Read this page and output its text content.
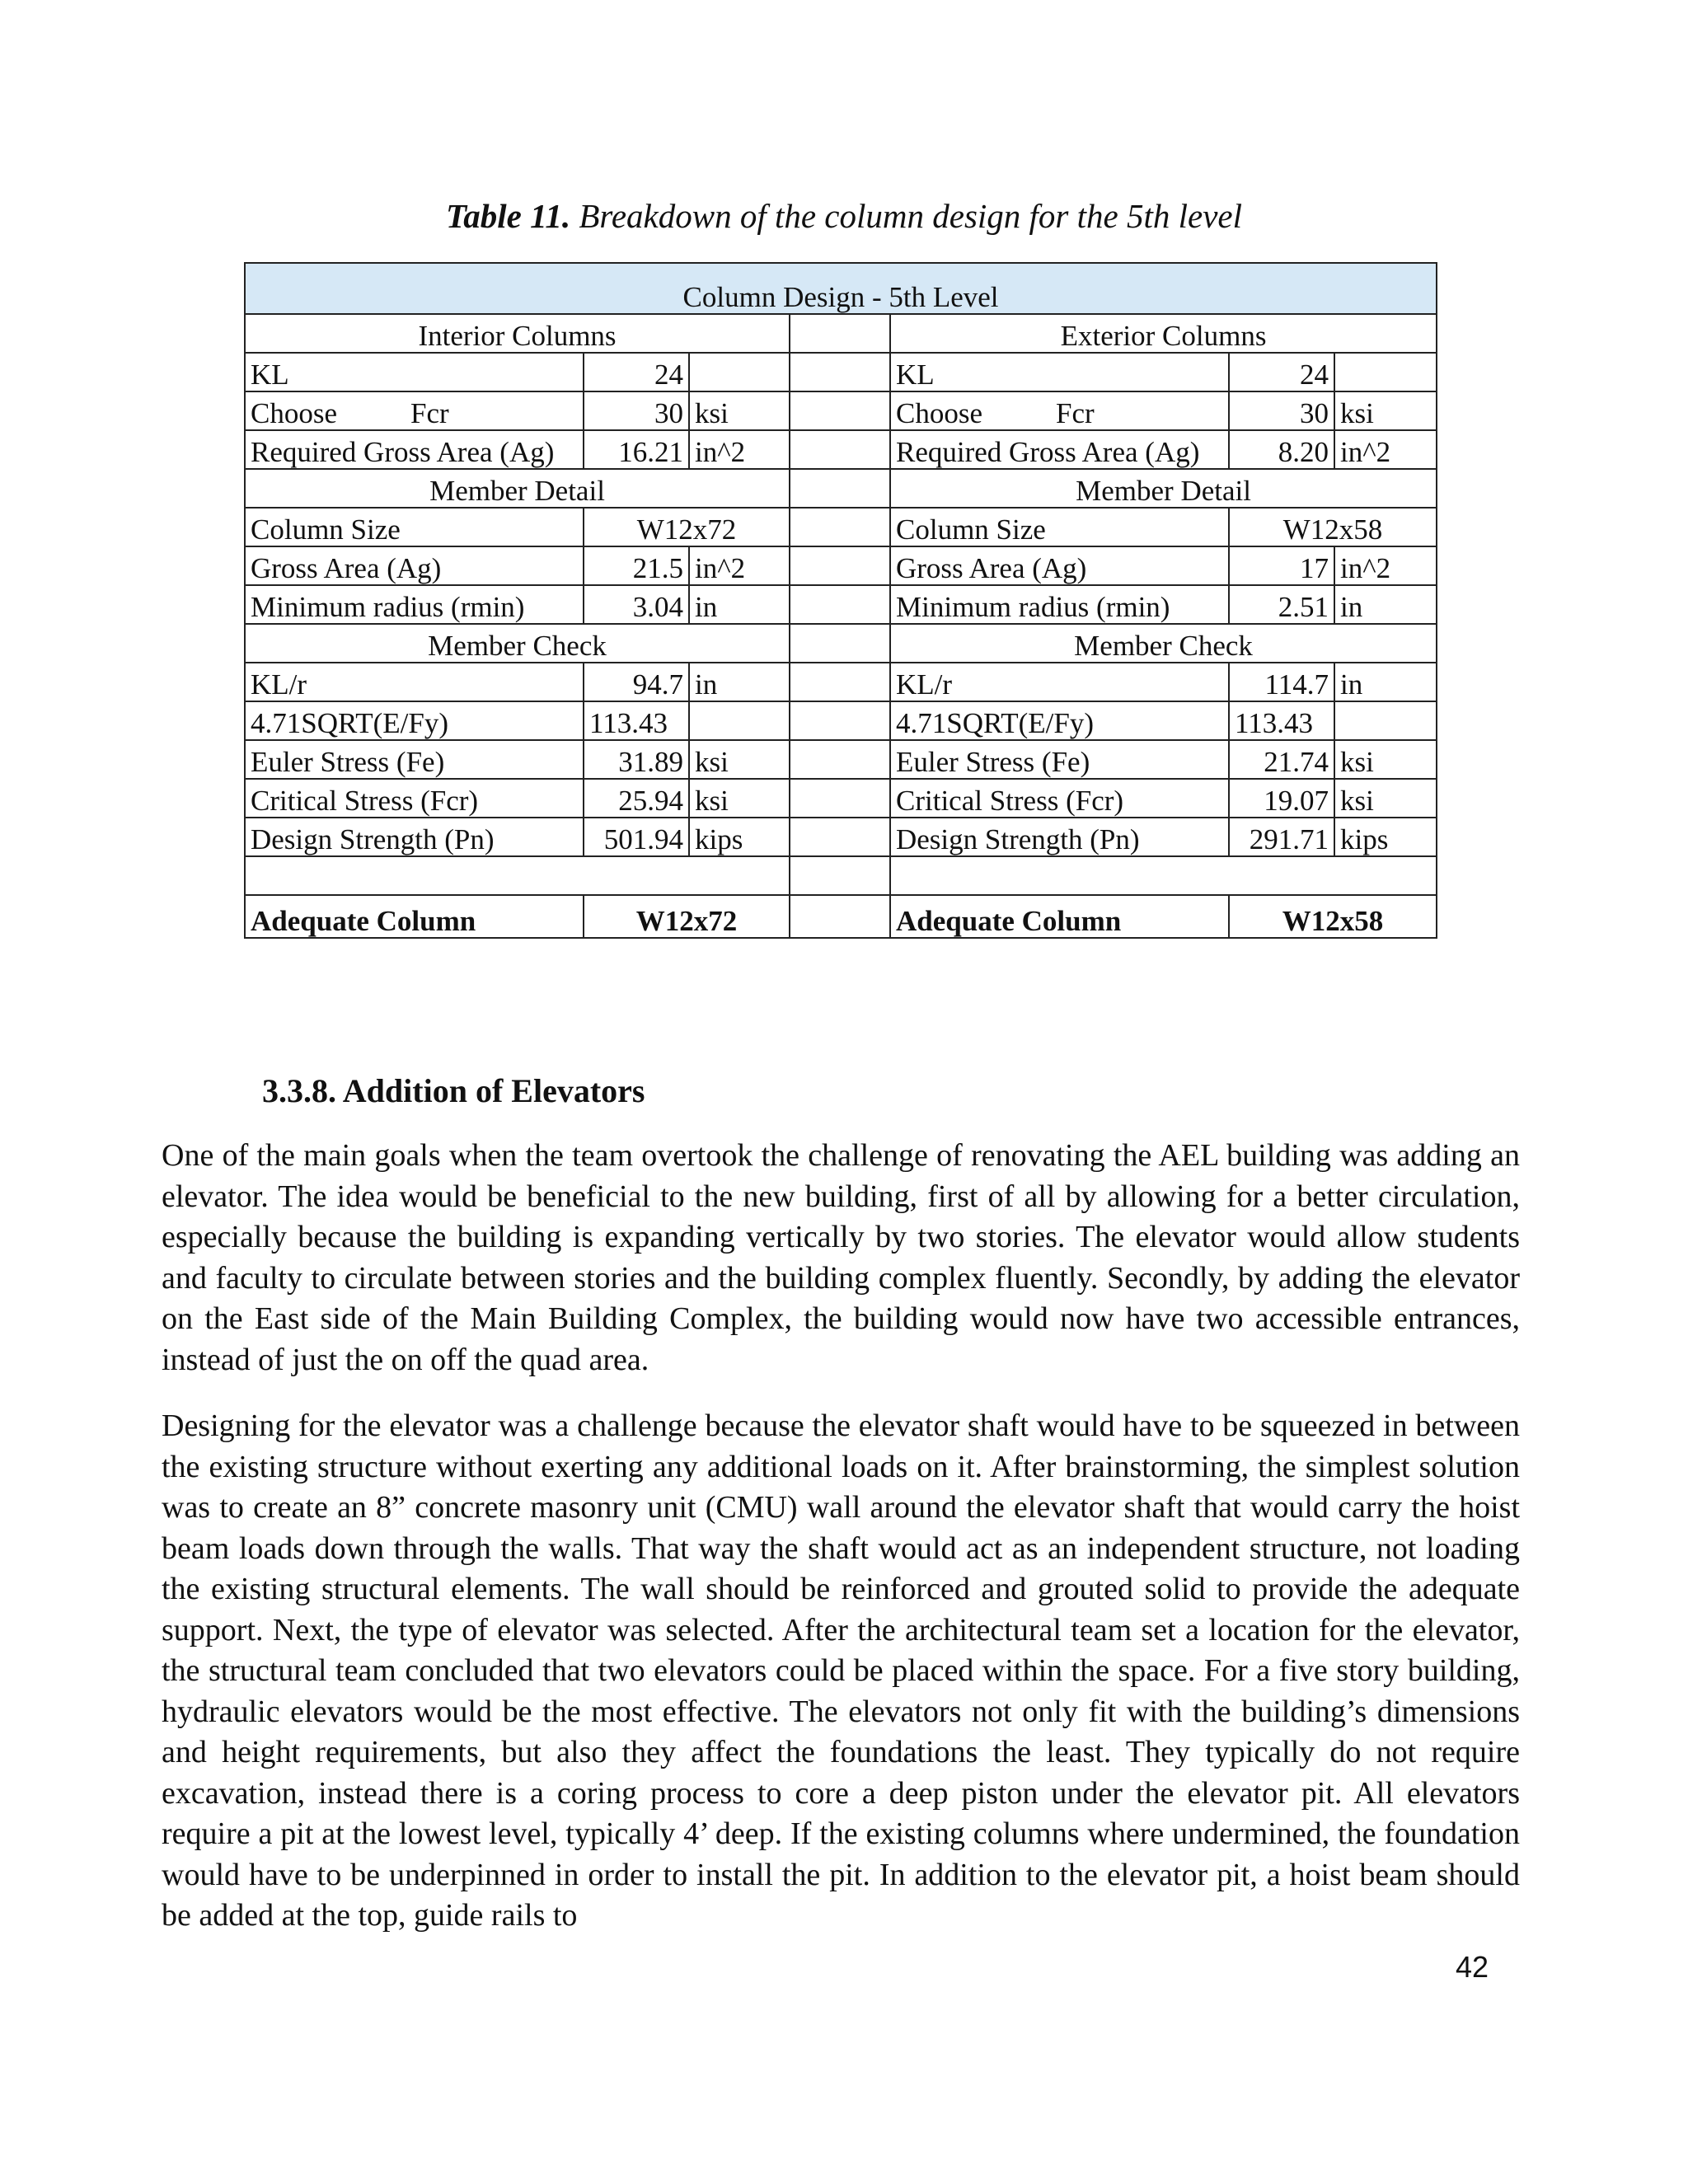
Table 11. Breakdown of the column design for the 5th level
Column Design - 5th Level						
Interior Columns				Exterior Columns		
KL	24			KL	24	
Choose Fcr	30	ksi		Choose Fcr	30	ksi
Required Gross Area (Ag)	16.21	in^2		Required Gross Area (Ag)	8.20	in^2
Member Detail				Member Detail		
Column Size	W12x72			Column Size	W12x58	
Gross Area (Ag)	21.5	in^2		Gross Area (Ag)	17	in^2
Minimum radius (rmin)	3.04	in		Minimum radius (rmin)	2.51	in
Member Check				Member Check		
KL/r	94.7	in		KL/r	114.7	in
4.71SQRT(E/Fy)	113.43			4.71SQRT(E/Fy)	113.43	
Euler Stress (Fe)	31.89	ksi		Euler Stress (Fe)	21.74	ksi
Critical Stress (Fcr)	25.94	ksi		Critical Stress (Fcr)	19.07	ksi
Design Strength (Pn)	501.94	kips		Design Strength (Pn)	291.71	kips

Adequate Column	W12x72			Adequate Column	W12x58	
3.3.8. Addition of Elevators

One of the main goals when the team overtook the challenge of renovating the AEL building was adding an elevator. The idea would be beneficial to the new building, first of all by allowing for a better circulation, especially because the building is expanding vertically by two stories. The elevator would allow students and faculty to circulate between stories and the building complex fluently. Secondly, by adding the elevator on the East side of the Main Building Complex, the building would now have two accessible entrances, instead of just the on off the quad area.

Designing for the elevator was a challenge because the elevator shaft would have to be squeezed in between the existing structure without exerting any additional loads on it. After brainstorming, the simplest solution was to create an 8” concrete masonry unit (CMU) wall around the elevator shaft that would carry the hoist beam loads down through the walls. That way the shaft would act as an independent structure, not loading the existing structural elements. The wall should be reinforced and grouted solid to provide the adequate support. Next, the type of elevator was selected. After the architectural team set a location for the elevator, the structural team concluded that two elevators could be placed within the space. For a five story building, hydraulic elevators would be the most effective. The elevators not only fit with the building’s dimensions and height requirements, but also they affect the foundations the least. They typically do not require excavation, instead there is a coring process to core a deep piston under the elevator pit. All elevators require a pit at the lowest level, typically 4’ deep. If the existing columns where undermined, the foundation would have to be underpinned in order to install the pit. In addition to the elevator pit, a hoist beam should be added at the top, guide rails to

42
